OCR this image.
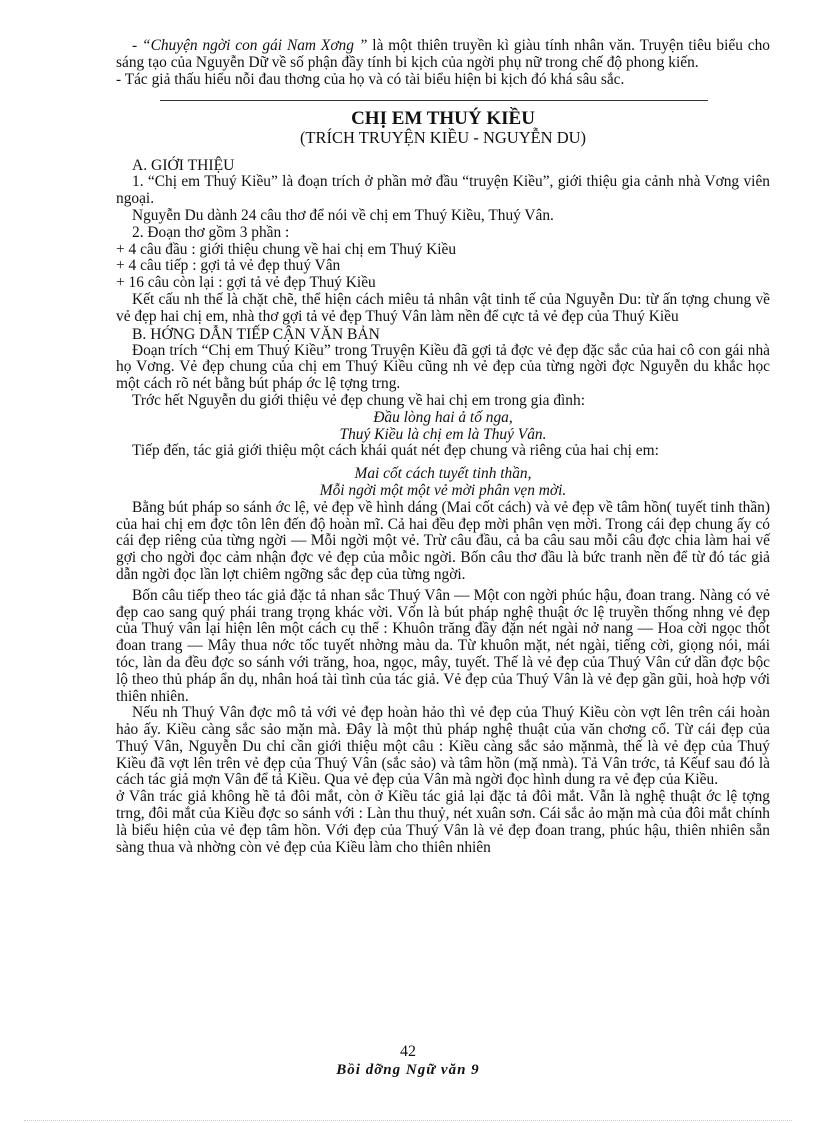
- “Chuyện ngời con gái Nam Xơng ” là một thiên truyền kì giàu tính nhân văn. Truyện tiêu biểu cho sáng tạo của Nguyễn Dữ về số phận đầy tính bi kịch của ngời phụ nữ trong chế độ phong kiến.

- Tác giả thấu hiểu nỗi đau thơng của họ và có tài biểu hiện bi kịch đó khá sâu sắc.

CHỊ EM THUÝ KIỀU
(TRÍCH TRUYỆN KIỀU - NGUYỄN DU)

A. GIỚI THIỆU

1. “Chị em Thuý Kiều” là đoạn trích ở phần mở đầu “truyện Kiều”, giới thiệu gia cảnh nhà Vơng viên ngoại.

Nguyễn Du dành 24 câu thơ để nói về chị em Thuý Kiều, Thuý Vân.

2. Đoạn thơ gồm 3 phần :

+ 4 câu đầu : giới thiệu chung về hai chị em Thuý Kiều

+ 4 câu tiếp : gợi tả vẻ đẹp thuý Vân

+ 16 câu còn lại : gợi tả vẻ đẹp Thuý Kiều

Kết cấu nh thế là chặt chẽ, thể hiện cách miêu tả nhân vật tinh tế của Nguyễn Du: từ ấn tợng chung về vẻ đẹp hai chị em, nhà thơ gợi tả vẻ đẹp Thuý Vân làm nền để cực tả vẻ đẹp của Thuý Kiều

B. HỚNG DẪN TIẾP CẬN VĂN BẢN

Đoạn trích “Chị em Thuý Kiều” trong Truyện Kiều đã gợi tả đợc vẻ đẹp đặc sắc của hai cô con gái nhà họ Vơng. Vẻ đẹp chung của chị em Thuý Kiều cũng nh vẻ đẹp của từng ngời đợc Nguyễn du khắc học một cách rõ nét bằng bút pháp ớc lệ tợng trng.

Trớc hết Nguyễn du giới thiệu vẻ đẹp chung về hai chị em trong gia đình:

Đầu lòng hai ả tố nga,
Thuý Kiều là chị em là Thuý Vân.

Tiếp đến, tác giả giới thiệu một cách khái quát nét đẹp chung và riêng của hai chị em:

Mai cốt cách tuyết tinh thần,
Mỗi ngời một một vẻ mời phân vẹn mời.

Bằng bút pháp so sánh ớc lệ, vẻ đẹp về hình dáng (Mai cốt cách) và vẻ đẹp về tâm hồn( tuyết tinh thần) của hai chị em đợc tôn lên đến độ hoàn mĩ. Cả hai đều đẹp mời phân vẹn mời. Trong cái đẹp chung ấy có cái đẹp riêng của từng ngời — Mỗi ngời một vẻ. Trừ câu đầu, cả ba câu sau mỗi câu đợc chia làm hai vế gợi cho ngời đọc cảm nhận đợc vẻ đẹp của mỗic ngời. Bốn câu thơ đầu là bức tranh nền để từ đó tác giả dẫn ngời đọc lần lợt chiêm ngỡng sắc đẹp của từng ngời.

Bốn câu tiếp theo tác giả đặc tả nhan sắc Thuý Vân — Một con ngời phúc hậu, đoan trang. Nàng có vẻ đẹp cao sang quý phái trang trọng khác vời. Vốn là bút pháp nghệ thuật ớc lệ truyền thống nhng vẻ đẹp của Thuý vân lại hiện lên một cách cụ thể : Khuôn trăng đầy đặn nét ngài nở nang — Hoa cời ngọc thốt đoan trang — Mây thua nớc tốc tuyết nhờng màu da. Từ khuôn mặt, nét ngài, tiếng cời, giọng nói, mái tóc, làn da đều đợc so sánh với trăng, hoa, ngọc, mây, tuyết. Thế là vẻ đẹp của Thuý Vân cứ dần đợc bộc lộ theo thủ pháp ẩn dụ, nhân hoá tài tình của tác giả. Vẻ đẹp của Thuý Vân là vẻ đẹp gần gũi, hoà hợp với thiên nhiên.

Nếu nh Thuý Vân đợc mô tả với vẻ đẹp hoàn hảo thì vẻ đẹp của Thuý Kiều còn vợt lên trên cái hoàn hảo ấy. Kiều càng sắc sảo mặn mà. Đây là một thủ pháp nghệ thuật của văn chơng cổ. Từ cái đẹp của Thuý Vân, Nguyễn Du chỉ cần giới thiệu một câu : Kiều càng sắc sảo mặnmà, thế là vẻ đẹp của Thuý Kiều đã vợt lên trên vẻ đẹp của Thuý Vân (sắc sảo) và tâm hồn (mặ nmà). Tả Vân trớc, tả Kếuf sau đó là cách tác giả mợn Vân để tả Kiều. Qua vẻ đẹp của Vân mà ngời đọc hình dung ra vẻ đẹp của Kiều.

ở Vân trác giả không hề tả đôi mắt, còn ở Kiều tác giả lại đặc tả đôi mắt. Vẫn là nghệ thuật ớc lệ tợng trng, đôi mắt của Kiều đợc so sánh với : Làn thu thuỷ, nét xuân sơn. Cái sắc ảo mặn mà của đôi mắt chính là biểu hiện của vẻ đẹp tâm hồn. Với đẹp của Thuý Vân là vẻ đẹp đoan trang, phúc hậu, thiên nhiên sẵn sàng thua và nhờng còn vẻ đẹp của Kiều làm cho thiên nhiên

42
Bồi dỡng Ngữ văn 9
